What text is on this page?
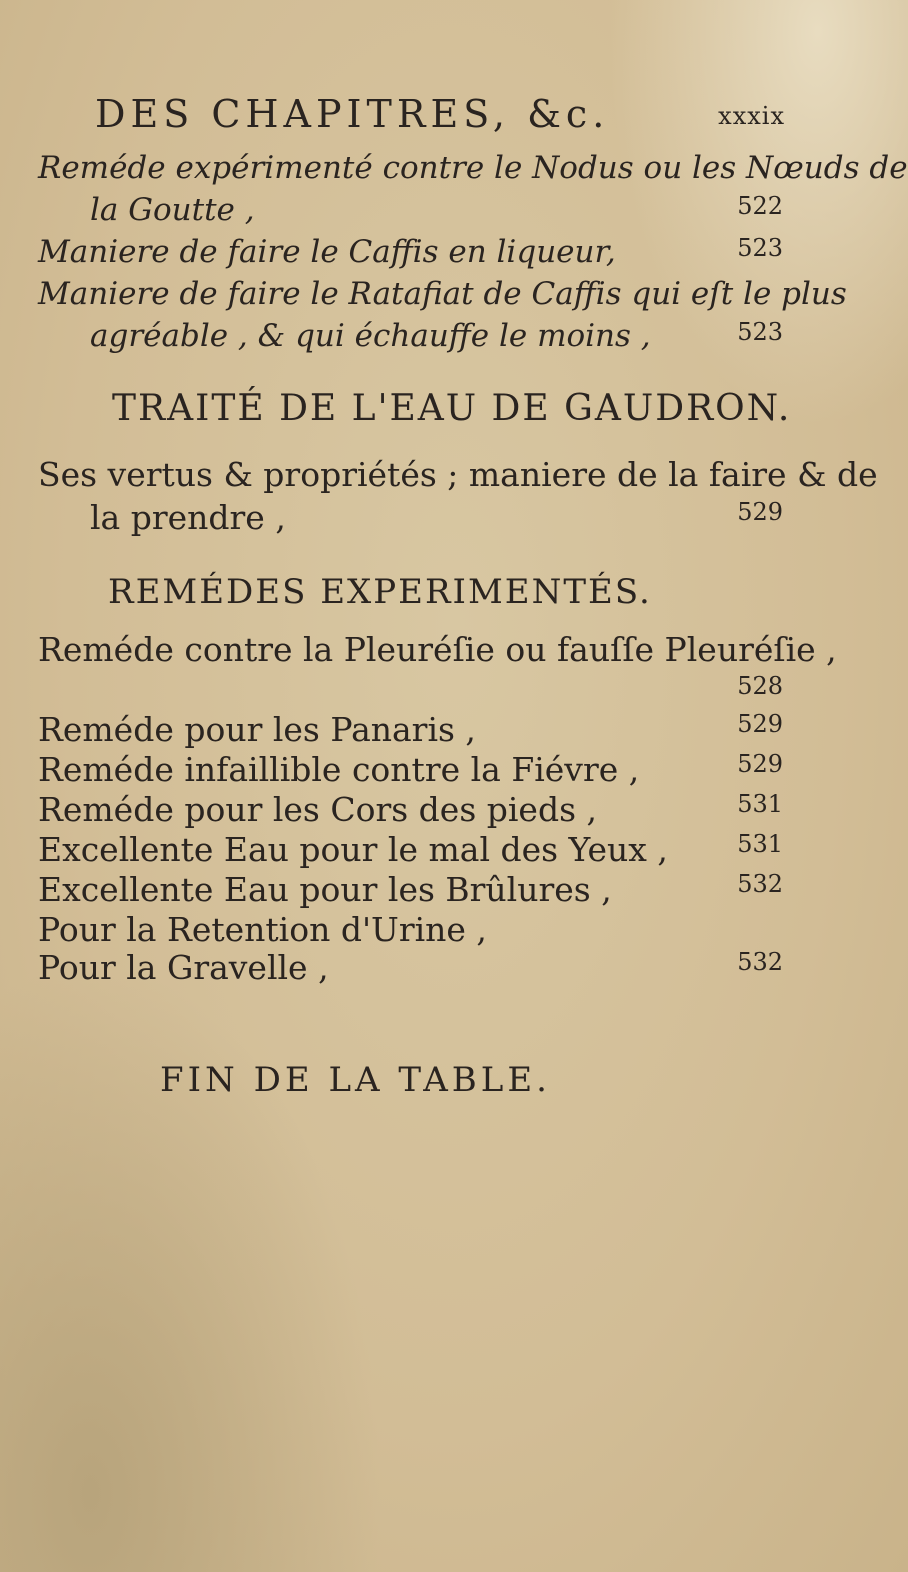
DES CHAPITRES, &c.	xxxix
Reméde expérimenté contre le Nodus ou les Nœuds de
la Goutte ,	522
Maniere de faire le Caffis en liqueur,	523
Maniere de faire le Ratafiat de Caffis qui eſt le plus
agréable , & qui échauffe le moins ,	523
TRAITÉ DE L'EAU DE GAUDRON.
Ses vertus & propriétés ; maniere de la faire & de
la prendre ,	529
REMÉDES EXPERIMENTÉS.
Reméde contre la Pleuréſie ou fauſſe Pleuréſie ,
528
Reméde pour les Panaris ,	529
Reméde infaillible contre la Fiévre ,	529
Reméde pour les Cors des pieds ,	531
Excellente Eau pour le mal des Yeux ,	531
Excellente Eau pour les Brûlures ,	532
Pour la Retention d'Urine ,
Pour la Gravelle ,	532
FIN DE LA TABLE.
